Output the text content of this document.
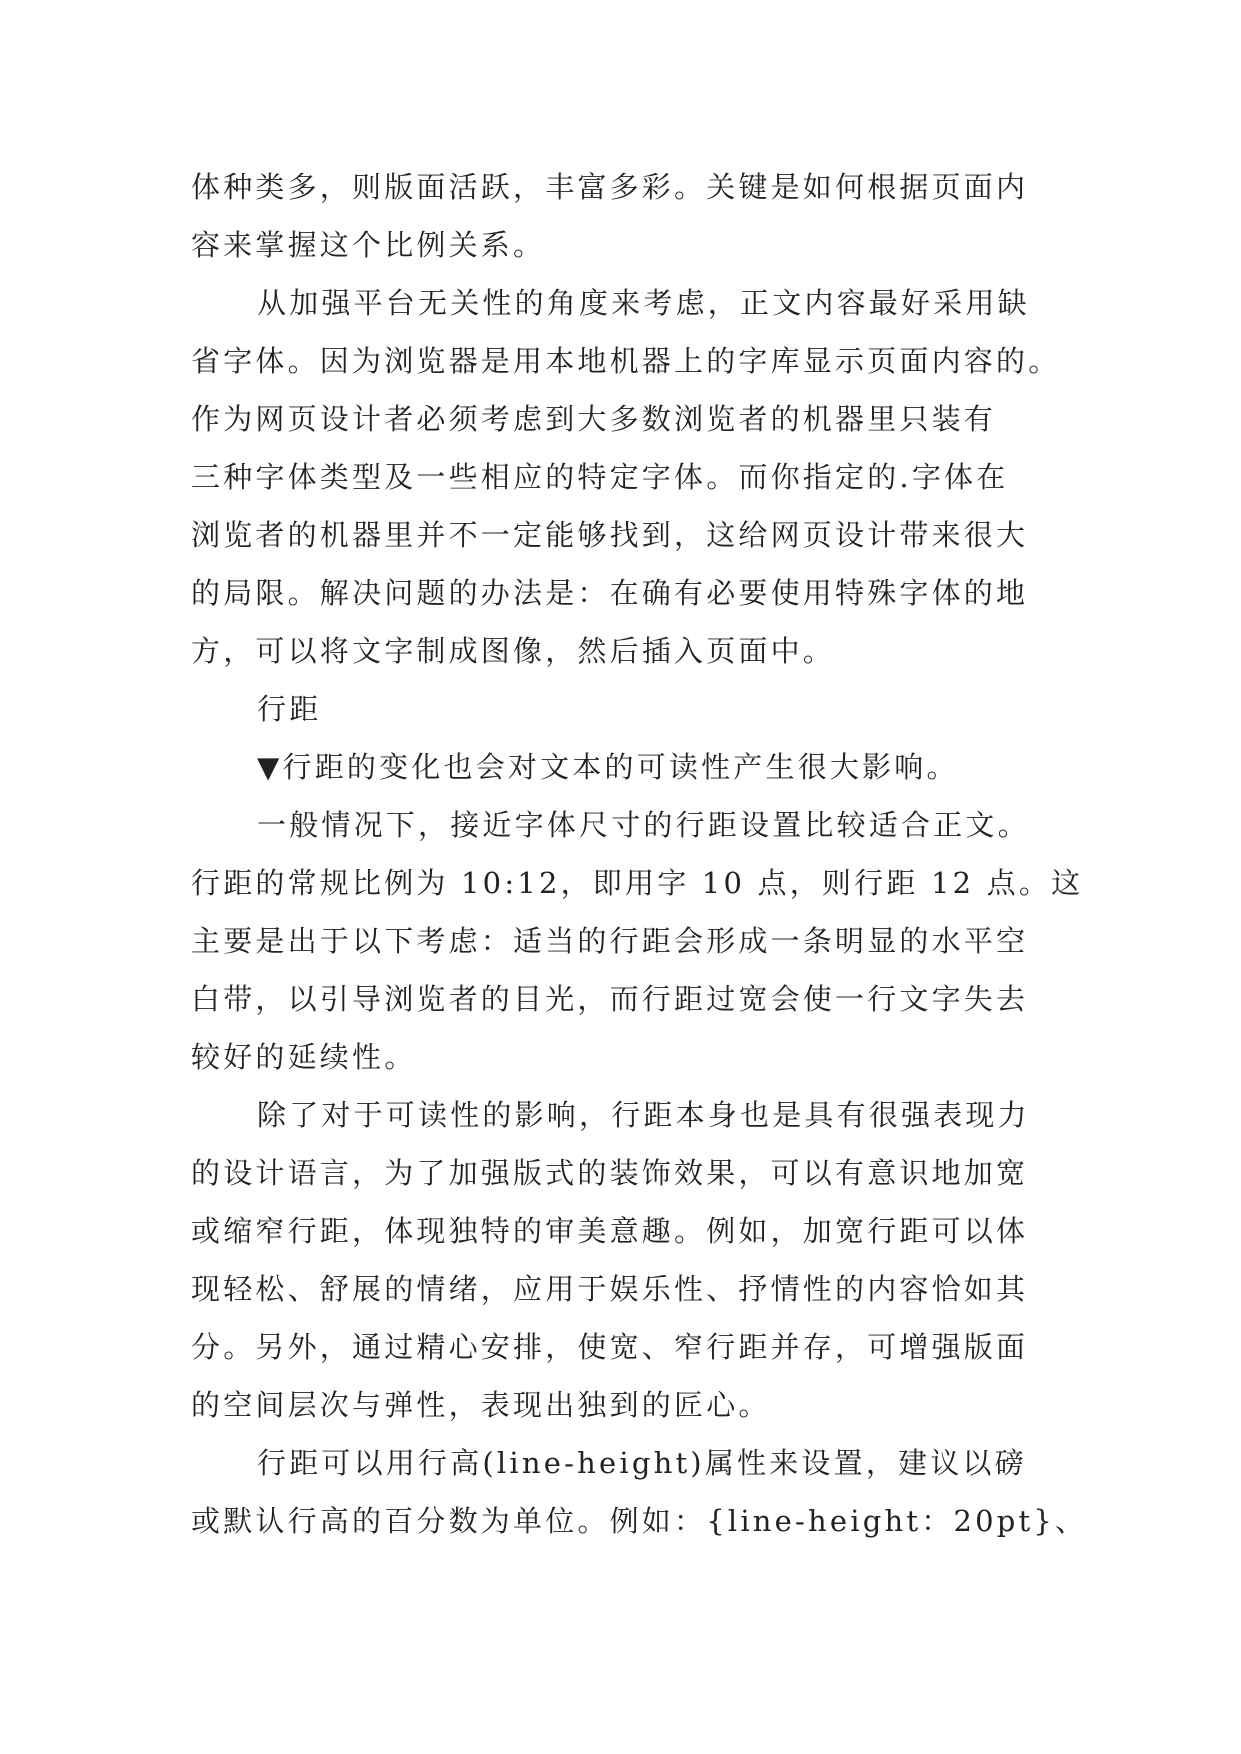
体种类多，则版面活跃，丰富多彩。关键是如何根据页面内
容来掌握这个比例关系。
从加强平台无关性的角度来考虑，正文内容最好采用缺
省字体。因为浏览器是用本地机器上的字库显示页面内容的。
作为网页设计者必须考虑到大多数浏览者的机器里只装有
三种字体类型及一些相应的特定字体。而你指定的.字体在
浏览者的机器里并不一定能够找到，这给网页设计带来很大
的局限。解决问题的办法是：在确有必要使用特殊字体的地
方，可以将文字制成图像，然后插入页面中。
行距
▼行距的变化也会对文本的可读性产生很大影响。
一般情况下，接近字体尺寸的行距设置比较适合正文。
行距的常规比例为 10:12，即用字 10 点，则行距 12 点。这
主要是出于以下考虑：适当的行距会形成一条明显的水平空
白带，以引导浏览者的目光，而行距过宽会使一行文字失去
较好的延续性。
除了对于可读性的影响，行距本身也是具有很强表现力
的设计语言，为了加强版式的装饰效果，可以有意识地加宽
或缩窄行距，体现独特的审美意趣。例如，加宽行距可以体
现轻松、舒展的情绪，应用于娱乐性、抒情性的内容恰如其
分。另外，通过精心安排，使宽、窄行距并存，可增强版面
的空间层次与弹性，表现出独到的匠心。
行距可以用行高(line-height)属性来设置，建议以磅
或默认行高的百分数为单位。例如：{line-height：20pt}、
